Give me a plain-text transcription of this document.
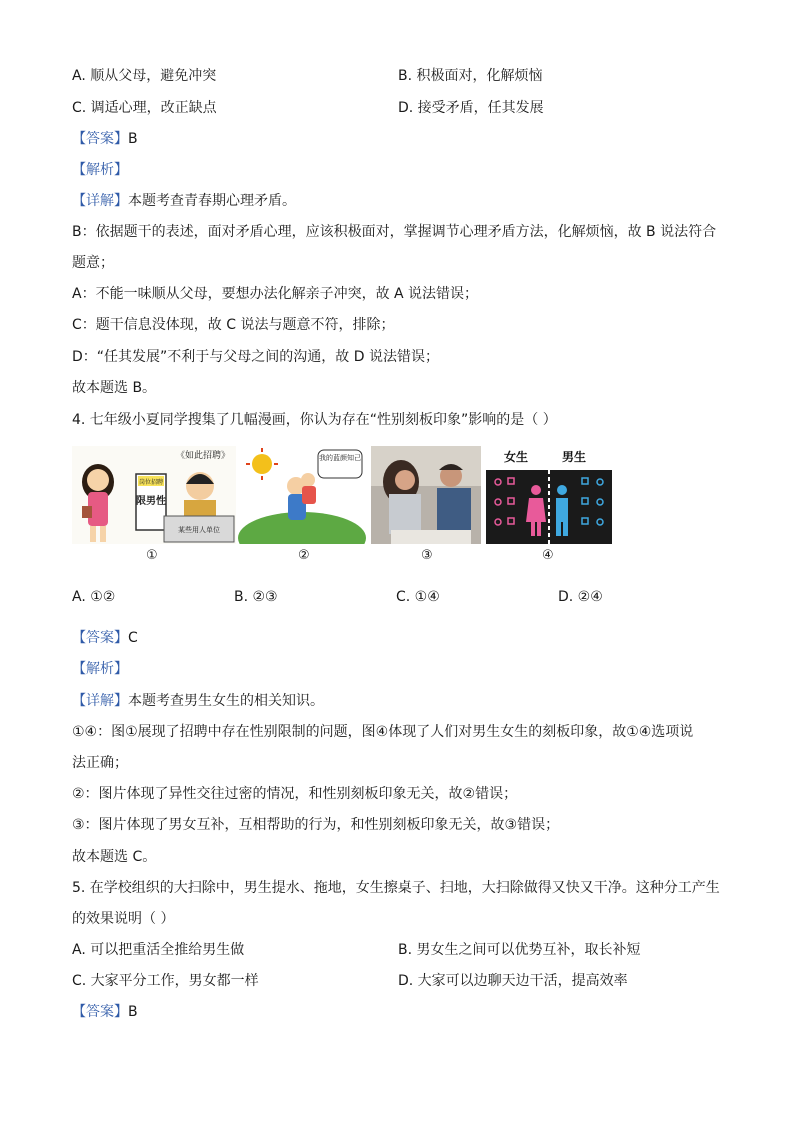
A. 顺从父母，避免冲突	B. 积极面对，化解烦恼
C. 调适心理，改正缺点	D. 接受矛盾，任其发展
【答案】B
【解析】
【详解】本题考查青春期心理矛盾。
B：依据题干的表述，面对矛盾心理，应该积极面对，掌握调节心理矛盾方法，化解烦恼，故 B 说法符合
题意；
A：不能一味顺从父母，要想办法化解亲子冲突，故 A 说法错误；
C：题干信息没体现，故 C 说法与题意不符，排除；
D：“任其发展”不利于与父母之间的沟通，故 D 说法错误；
故本题选 B。
4. 七年级小夏同学搜集了几幅漫画，你认为存在“性别刻板印象”影响的是（ ）
《如此招聘》
岗位招聘
限男性
某些用人单位
①
我的蓝颜知己
②	③
女生	男生
④
A. ①②	B. ②③	C. ①④	D. ②④
【答案】C
【解析】
【详解】本题考查男生女生的相关知识。
①④：图①展现了招聘中存在性别限制的问题，图④体现了人们对男生女生的刻板印象，故①④选项说
法正确；
②：图片体现了异性交往过密的情况，和性别刻板印象无关，故②错误；
③：图片体现了男女互补，互相帮助的行为，和性别刻板印象无关，故③错误；
故本题选 C。
5. 在学校组织的大扫除中，男生提水、拖地，女生擦桌子、扫地，大扫除做得又快又干净。这种分工产生
的效果说明（ ）
A. 可以把重活全推给男生做	B. 男女生之间可以优势互补，取长补短
C. 大家平分工作，男女都一样	D. 大家可以边聊天边干活，提高效率
【答案】B
